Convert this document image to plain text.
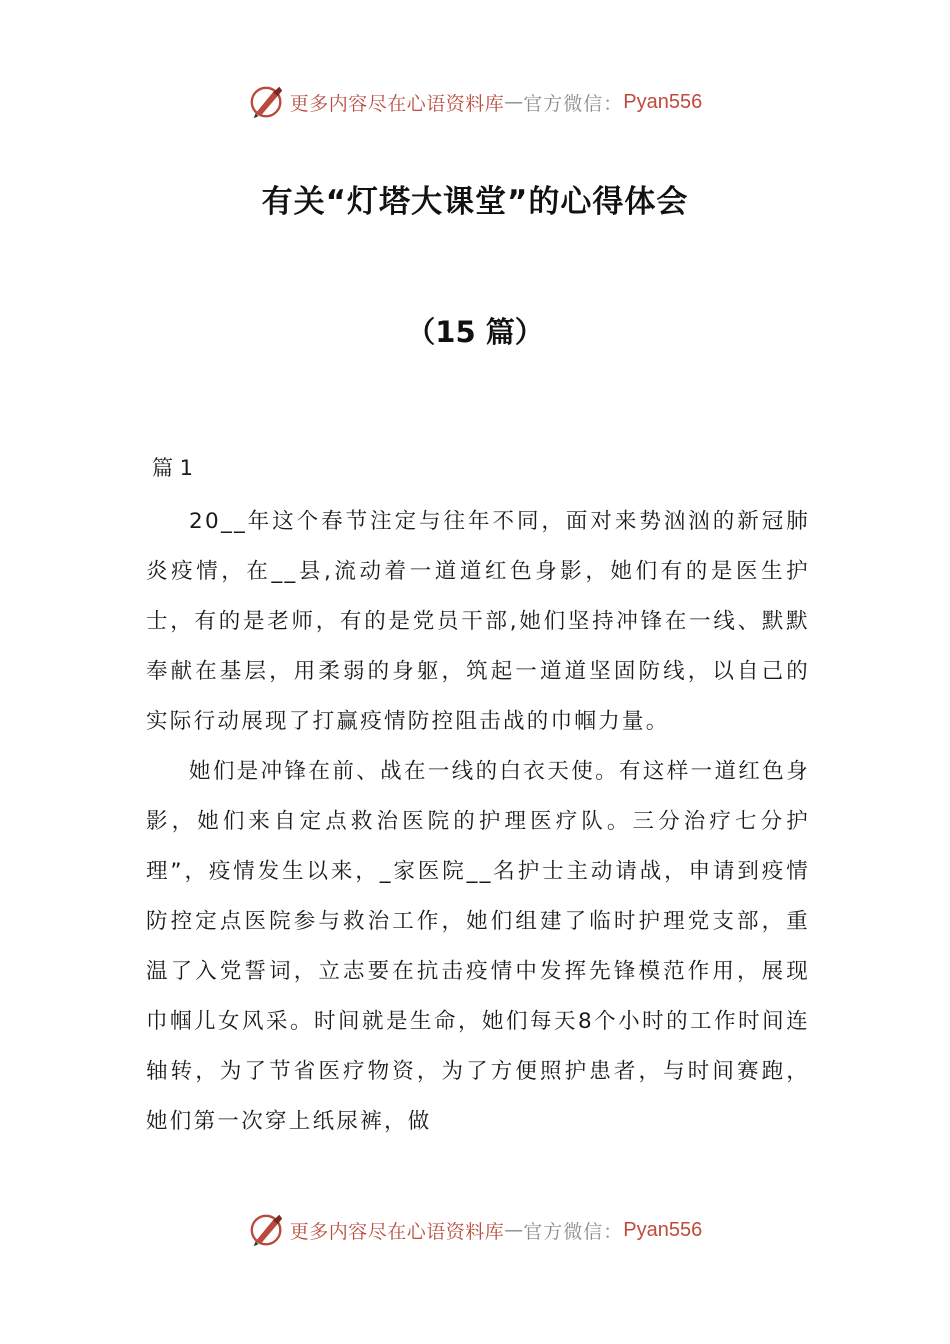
更多内容尽在心语资料库 — 官方微信： Pyan556
有关“灯塔大课堂”的心得体会
（15 篇）
篇 1

20__年这个春节注定与往年不同，面对来势汹汹的新冠肺炎疫情，在__县,流动着一道道红色身影，她们有的是医生护士，有的是老师，有的是党员干部,她们坚持冲锋在一线、默默奉献在基层，用柔弱的身躯，筑起一道道坚固防线，以自己的实际行动展现了打赢疫情防控阻击战的巾帼力量。

她们是冲锋在前、战在一线的白衣天使。有这样一道红色身影，她们来自定点救治医院的护理医疗队。三分治疗七分护理”，疫情发生以来，_家医院__名护士主动请战，申请到疫情防控定点医院参与救治工作，她们组建了临时护理党支部，重温了入党誓词，立志要在抗击疫情中发挥先锋模范作用，展现巾帼儿女风采。时间就是生命，她们每天8个小时的工作时间连轴转，为了节省医疗物资，为了方便照护患者，与时间赛跑，她们第一次穿上纸尿裤，做

更多内容尽在心语资料库 — 官方微信： Pyan556
